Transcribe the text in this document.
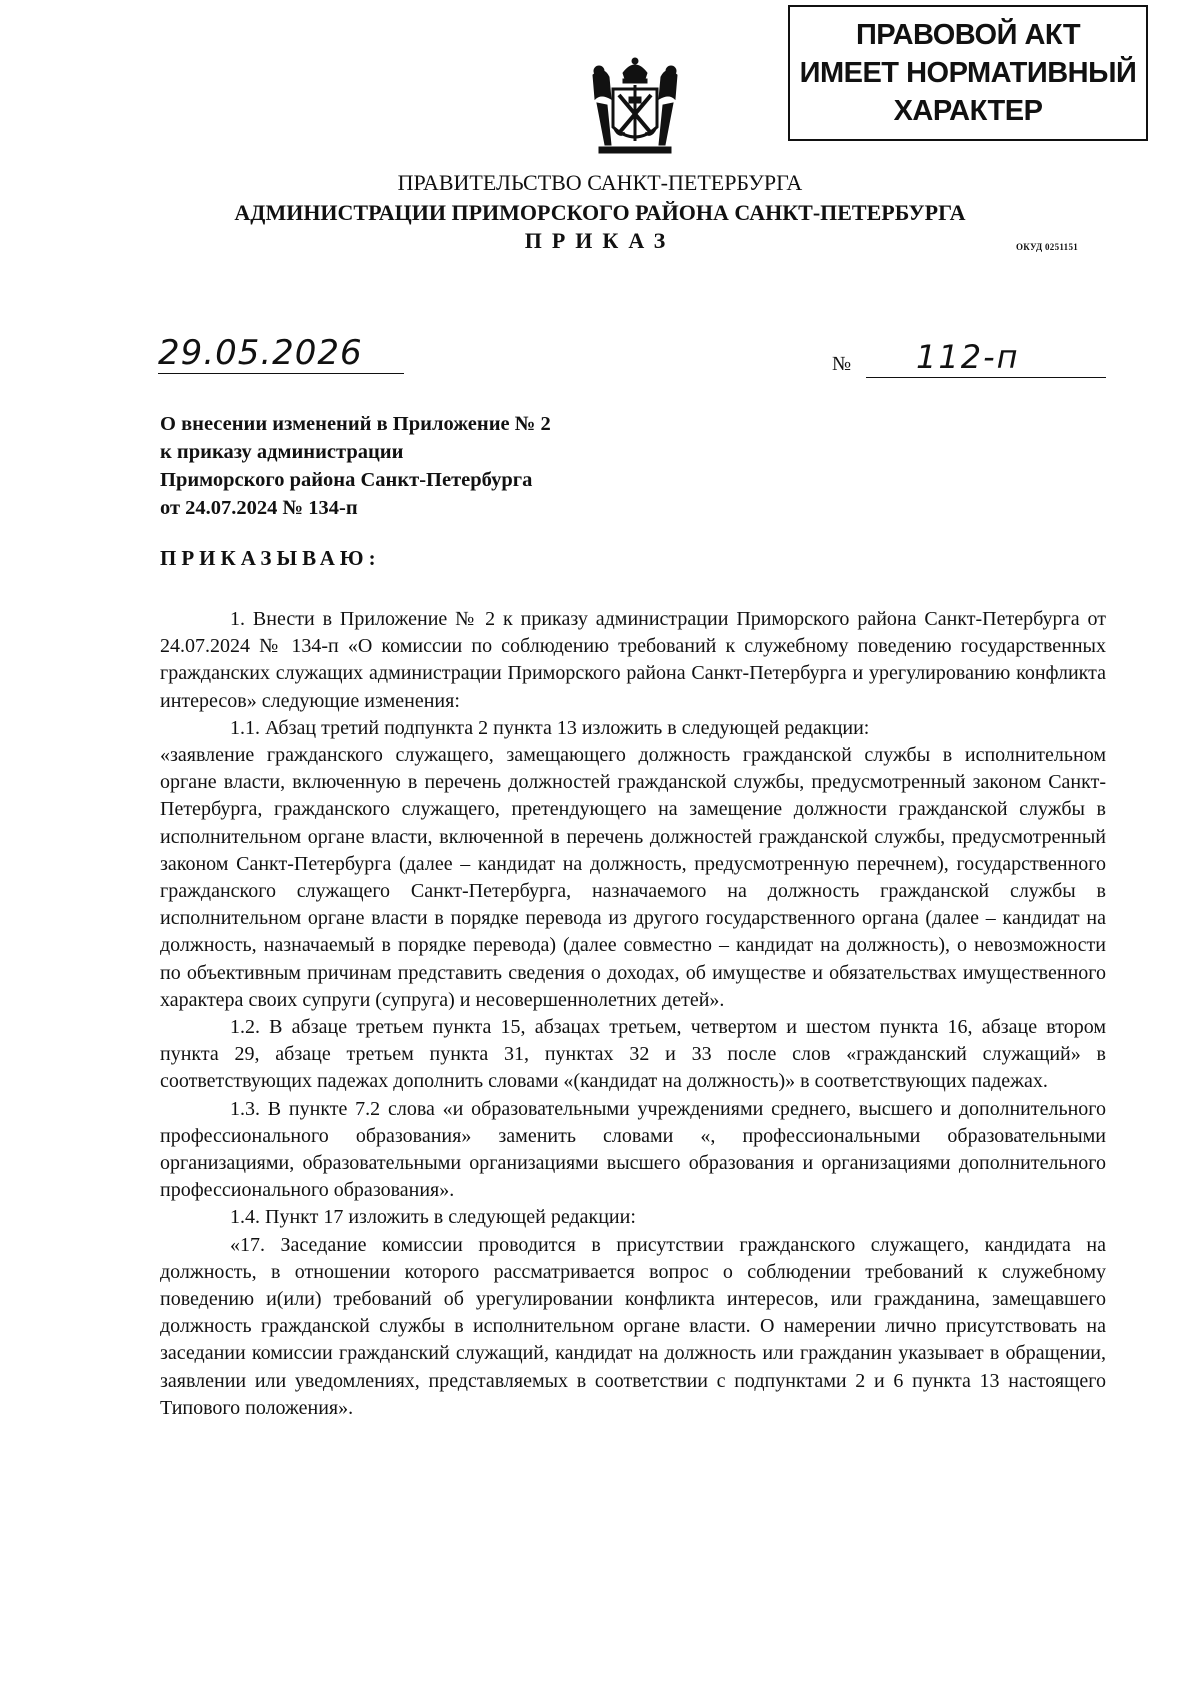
ПРАВОВОЙ АКТ
ИМЕЕТ НОРМАТИВНЫЙ
ХАРАКТЕР
ПРАВИТЕЛЬСТВО САНКТ-ПЕТЕРБУРГА
АДМИНИСТРАЦИИ ПРИМОРСКОГО РАЙОНА САНКТ-ПЕТЕРБУРГА
ПРИКАЗ	ОКУД 0251151
29.05.2026	№	112-п
О внесении изменений в Приложение № 2
к приказу администрации
Приморского района Санкт-Петербурга
от 24.07.2024 № 134-п
ПРИКАЗЫВАЮ:

1. Внести в Приложение № 2 к приказу администрации Приморского района Санкт-Петербурга от 24.07.2024 № 134-п «О комиссии по соблюдению требований к служебному поведению государственных гражданских служащих администрации Приморского района Санкт-Петербурга и урегулированию конфликта интересов» следующие изменения:

1.1. Абзац третий подпункта 2 пункта 13 изложить в следующей редакции:

«заявление гражданского служащего, замещающего должность гражданской службы в исполнительном органе власти, включенную в перечень должностей гражданской службы, предусмотренный законом Санкт-Петербурга, гражданского служащего, претендующего на замещение должности гражданской службы в исполнительном органе власти, включенной в перечень должностей гражданской службы, предусмотренный законом Санкт-Петербурга (далее – кандидат на должность, предусмотренную перечнем), государственного гражданского служащего Санкт-Петербурга, назначаемого на должность гражданской службы в исполнительном органе власти в порядке перевода из другого государственного органа (далее – кандидат на должность, назначаемый в порядке перевода) (далее совместно – кандидат на должность), о невозможности по объективным причинам представить сведения о доходах, об имуществе и обязательствах имущественного характера своих супруги (супруга) и несовершеннолетних детей».

1.2. В абзаце третьем пункта 15, абзацах третьем, четвертом и шестом пункта 16, абзаце втором пункта 29, абзаце третьем пункта 31, пунктах 32 и 33 после слов «гражданский служащий» в соответствующих падежах дополнить словами «(кандидат на должность)» в соответствующих падежах.

1.3. В пункте 7.2 слова «и образовательными учреждениями среднего, высшего и дополнительного профессионального образования» заменить словами «, профессиональными образовательными организациями, образовательными организациями высшего образования и организациями дополнительного профессионального образования».

1.4. Пункт 17 изложить в следующей редакции:

«17. Заседание комиссии проводится в присутствии гражданского служащего, кандидата на должность, в отношении которого рассматривается вопрос о соблюдении требований к служебному поведению и(или) требований об урегулировании конфликта интересов, или гражданина, замещавшего должность гражданской службы в исполнительном органе власти. О намерении лично присутствовать на заседании комиссии гражданский служащий, кандидат на должность или гражданин указывает в обращении, заявлении или уведомлениях, представляемых в соответствии с подпунктами 2 и 6 пункта 13 настоящего Типового положения».
